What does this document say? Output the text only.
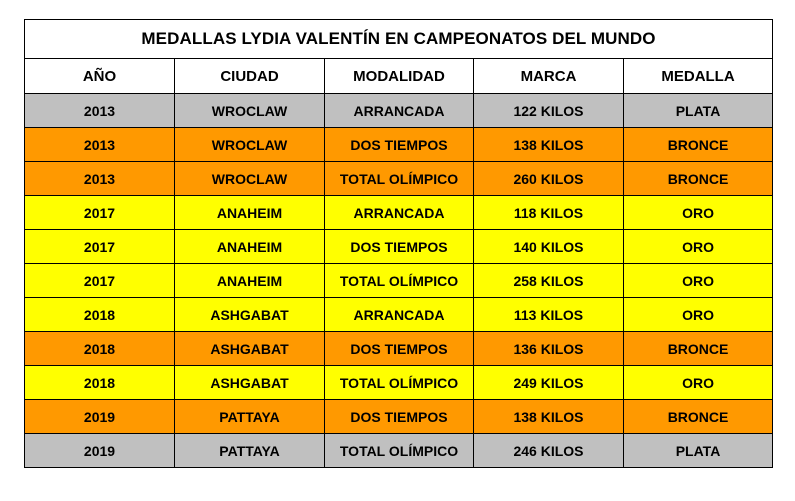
MEDALLAS LYDIA VALENTÍN EN CAMPEONATOS DEL MUNDO				
AÑO	CIUDAD	MODALIDAD	MARCA	MEDALLA
2013	WROCLAW	ARRANCADA	122 KILOS	PLATA
2013	WROCLAW	DOS TIEMPOS	138 KILOS	BRONCE
2013	WROCLAW	TOTAL OLÍMPICO	260 KILOS	BRONCE
2017	ANAHEIM	ARRANCADA	118 KILOS	ORO
2017	ANAHEIM	DOS TIEMPOS	140 KILOS	ORO
2017	ANAHEIM	TOTAL OLÍMPICO	258 KILOS	ORO
2018	ASHGABAT	ARRANCADA	113 KILOS	ORO
2018	ASHGABAT	DOS TIEMPOS	136 KILOS	BRONCE
2018	ASHGABAT	TOTAL OLÍMPICO	249 KILOS	ORO
2019	PATTAYA	DOS TIEMPOS	138 KILOS	BRONCE
2019	PATTAYA	TOTAL OLÍMPICO	246 KILOS	PLATA
